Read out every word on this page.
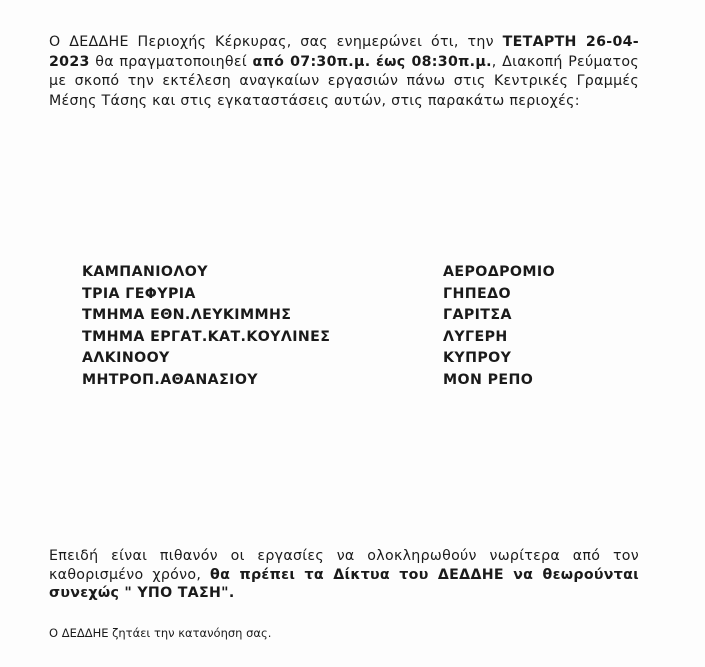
Ο ΔΕΔΔΗΕ Περιοχής Κέρκυρας, σας ενημερώνει ότι, την ΤΕΤΑΡΤΗ 26-04-2023 θα πραγματοποιηθεί από 07:30π.μ. έως 08:30π.μ., Διακοπή Ρεύματος με σκοπό την εκτέλεση αναγκαίων εργασιών πάνω στις Κεντρικές Γραμμές Μέσης Τάσης και στις εγκαταστάσεις αυτών, στις παρακάτω περιοχές:

ΚΑΜΠΑΝΙΟΛΟΥ
ΤΡΙΑ ΓΕΦΥΡΙΑ
ΤΜΗΜΑ ΕΘΝ.ΛΕΥΚΙΜΜΗΣ
ΤΜΗΜΑ ΕΡΓΑΤ.ΚΑΤ.ΚΟΥΛΙΝΕΣ
ΑΛΚΙΝΟΟΥ
ΜΗΤΡΟΠ.ΑΘΑΝΑΣΙΟΥ
ΑΕΡΟΔΡΟΜΙΟ
ΓΗΠΕΔΟ
ΓΑΡΙΤΣΑ
ΛΥΓΕΡΗ
ΚΥΠΡΟΥ
ΜΟΝ ΡΕΠΟ

Επειδή είναι πιθανόν οι εργασίες να ολοκληρωθούν νωρίτερα από τον καθορισμένο χρόνο, θα πρέπει τα Δίκτυα του ΔΕΔΔΗΕ να θεωρούνται συνεχώς " ΥΠΟ ΤΑΣΗ".

Ο ΔΕΔΔΗΕ ζητάει την κατανόηση σας.
